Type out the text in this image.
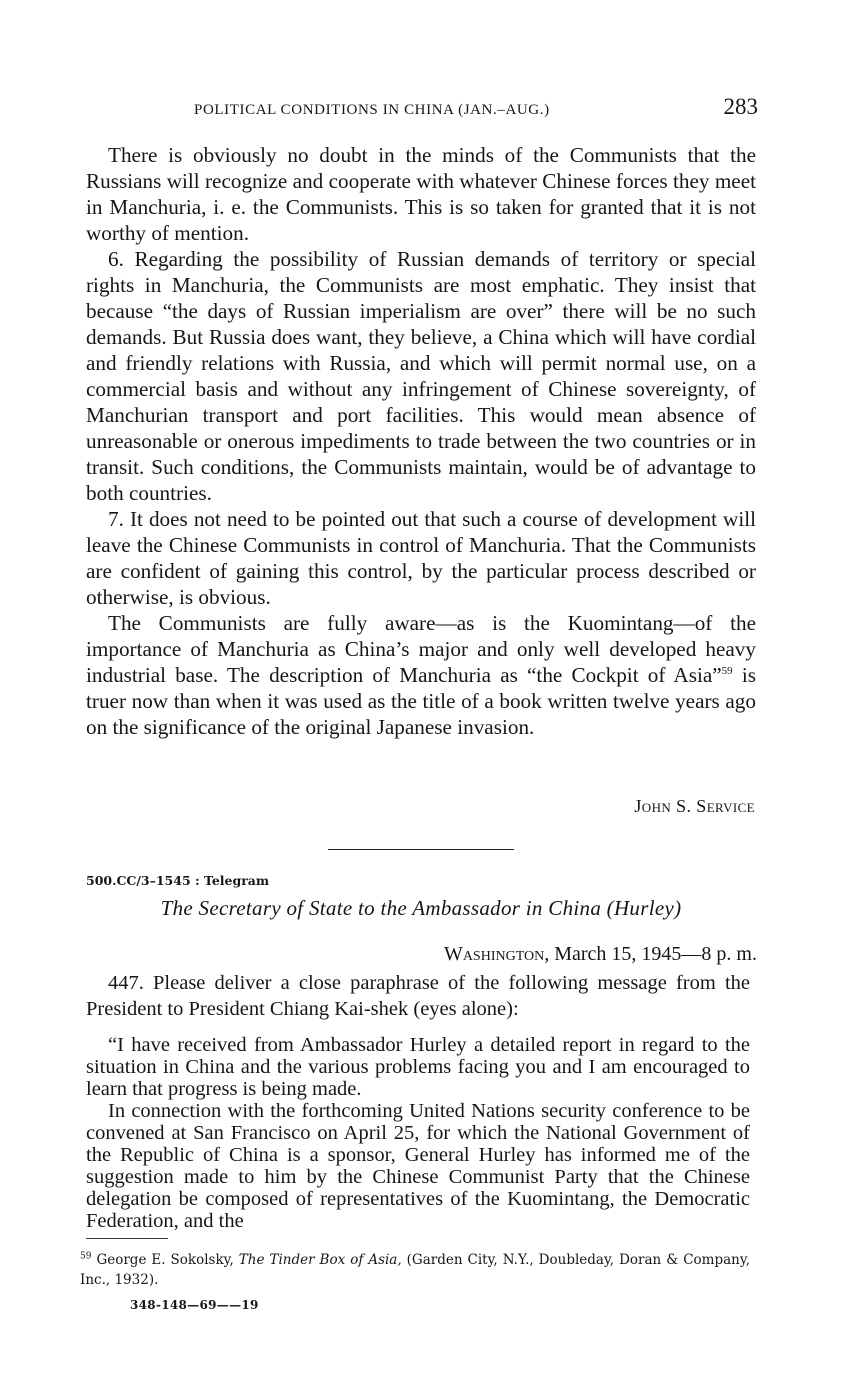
POLITICAL CONDITIONS IN CHINA (JAN.–AUG.)	283

There is obviously no doubt in the minds of the Communists that the Russians will recognize and cooperate with whatever Chinese forces they meet in Manchuria, i. e. the Communists. This is so taken for granted that it is not worthy of mention.

6. Regarding the possibility of Russian demands of territory or special rights in Manchuria, the Communists are most emphatic. They insist that because “the days of Russian imperialism are over” there will be no such demands. But Russia does want, they believe, a China which will have cordial and friendly relations with Russia, and which will permit normal use, on a commercial basis and without any infringement of Chinese sovereignty, of Manchurian transport and port facilities. This would mean absence of unreasonable or onerous impediments to trade between the two countries or in transit. Such conditions, the Communists maintain, would be of advantage to both countries.

7. It does not need to be pointed out that such a course of development will leave the Chinese Communists in control of Manchuria. That the Communists are confident of gaining this control, by the particular process described or otherwise, is obvious.

The Communists are fully aware—as is the Kuomintang—of the importance of Manchuria as China’s major and only well developed heavy industrial base. The description of Manchuria as “the Cockpit of Asia”$^{59}$ is truer now than when it was used as the title of a book written twelve years ago on the significance of the original Japanese invasion.

John S. Service
500.CC/3–1545 : Telegram
The Secretary of State to the Ambassador in China (Hurley)
Washington, March 15, 1945—8 p. m.

447. Please deliver a close paraphrase of the following message from the President to President Chiang Kai-shek (eyes alone):

“I have received from Ambassador Hurley a detailed report in regard to the situation in China and the various problems facing you and I am encouraged to learn that progress is being made.

In connection with the forthcoming United Nations security conference to be convened at San Francisco on April 25, for which the National Government of the Republic of China is a sponsor, General Hurley has informed me of the suggestion made to him by the Chinese Communist Party that the Chinese delegation be composed of representatives of the Kuomintang, the Democratic Federation, and the

$^{59}$ George E. Sokolsky, The Tinder Box of Asia, (Garden City, N.Y., Doubleday, Doran & Company, Inc., 1932).
348-148—69——19
